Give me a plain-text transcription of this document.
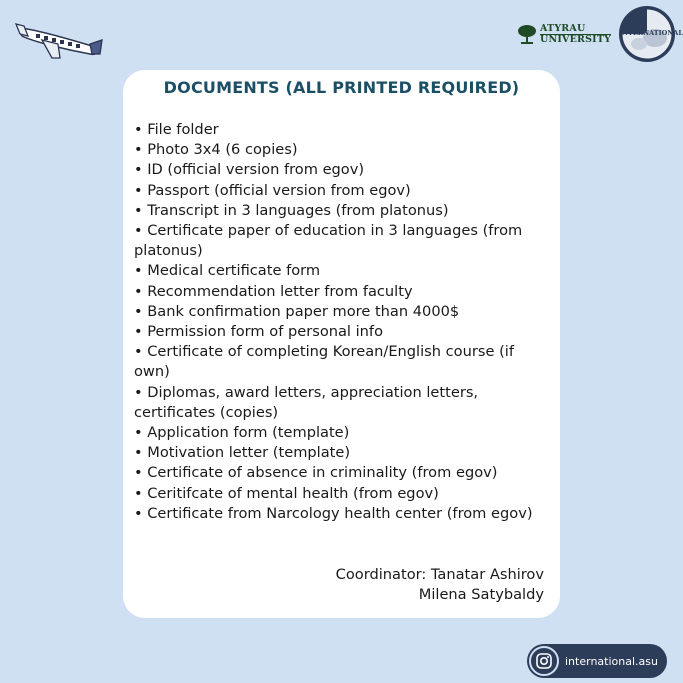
ATYRAU
UNIVERSITY
INTERNATIONAL
DOCUMENTS (ALL PRINTED REQUIRED)
• File folder
• Photo 3x4 (6 copies)
• ID (official version from egov)
• Passport (official version from egov)
• Transcript in 3 languages (from platonus)
• Certificate paper of education in 3 languages (from platonus)
• Medical certificate form
• Recommendation letter from faculty
• Bank confirmation paper more than 4000$
• Permission form of personal info
• Certificate of completing Korean/English course (if own)
• Diplomas, award letters, appreciation letters, certificates (copies)
• Application form (template)
• Motivation letter (template)
• Certificate of absence in criminality (from egov)
• Ceritifcate of mental health (from egov)
• Certificate from Narcology health center (from egov)
Coordinator: Tanatar Ashirov
Milena Satybaldy
international.asu
